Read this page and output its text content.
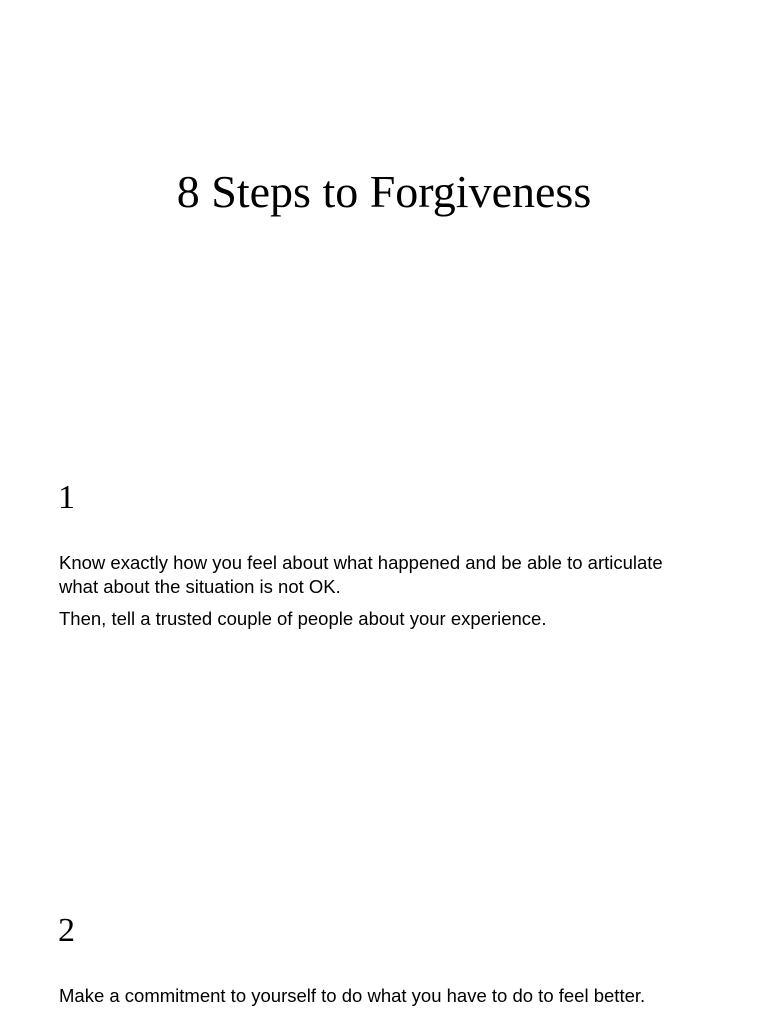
8 Steps to Forgiveness
1

Know exactly how you feel about what happened and be able to articulate what about the situation is not OK.

Then, tell a trusted couple of people about your experience.

2

Make a commitment to yourself to do what you have to do to feel better.
